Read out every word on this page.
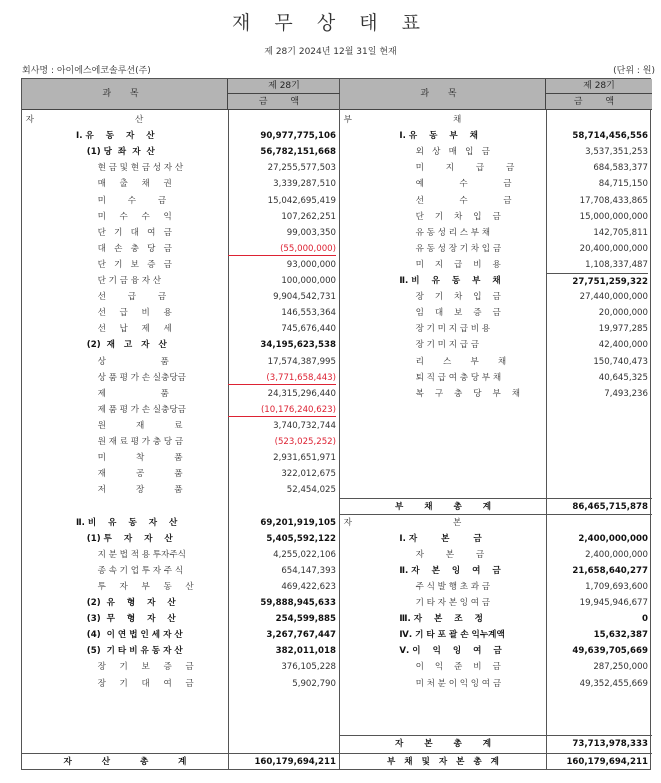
재 무 상 태 표
제 28기 2024년 12월 31일 현재
회사명 : 아이에스에코솔루션(주)	(단위 : 원)
과 목
제 28기
금 액
자                                     산
Ⅰ. 유    동    자    산	90,977,775,106
(1) 당  좌  자  산	56,782,151,668
현 금 및 현 금 성 자 산	27,255,577,503
매     출     채     권	3,339,287,510
미        수        금	15,042,695,419
미     수     수     익	107,262,251
단   기   대   여   금	99,003,350
대   손   충   당   금	(55,000,000)
단   기   보   증   금	93,000,000
단 기 금 융 자 산	100,000,000
선        급        금	9,904,542,731
선     급     비     용	146,553,364
선     납     제     세	745,676,440
(2)  재   고   자   산	34,195,623,538
상                    품	17,574,387,995
상 품 평 가 손 실충당금	(3,771,658,443)
제                    품	24,315,296,440
제 품 평 가 손 실충당금	(10,176,240,623)
원           재           료	3,740,732,744
원 재 료 평 가 충 당 금	(523,025,252)
미           착           품	2,931,651,971
재           공           품	322,012,675
저           장           품	52,454,025
Ⅱ. 비    유    동    자    산	69,201,919,105
(1) 투    자    자    산	5,405,592,122
지 분 법 적 용 투자주식	4,255,022,106
종 속 기 업 투 자 주 식	654,147,393
투     자     부     동     산	469,422,623
(2)  유    형    자    산	59,888,945,633
(3)  무    형    자    산	254,599,885
(4)  이 연 법 인 세 자 산	3,267,767,447
(5)  기 타 비 유 동 자 산	382,011,018
장     기     보     증     금	376,105,228
장     기     대     여     금	5,902,790
자          산          총          계	160,179,694,211
과 목
제 28기
금 액
부                                     채
Ⅰ. 유    동    부    채	58,714,456,556
외   상   매   입   금	3,537,351,253
미        지        급        금	684,583,377
예             수             금	84,715,150
선             수             금	17,708,433,865
단    기    차    입    금	15,000,000,000
유 동 성 리 스 부 채	142,705,811
유 동 성 장 기 차 입 금	20,400,000,000
미    지    급    비    용	1,108,337,487
Ⅱ. 비    유    동    부    채	27,751,259,322
장    기    차    입    금	27,440,000,000
임    대    보    증    금	20,000,000
장 기 미 지 급 비 용	19,977,285
장 기 미 지 급 금	42,400,000
리       스       부       채	150,740,473
퇴 직 급 여 충 당 부 채	40,645,325
복    구    충    당    부    채	7,493,236
부       채       총       계	86,465,715,878
자                                     본
Ⅰ. 자        본        금	2,400,000,000
자        본        금	2,400,000,000
Ⅱ. 자    본    잉    여    금	21,658,640,277
주 식 발 행 초 과 금	1,709,693,600
기 타 자 본 잉 여 금	19,945,946,677
Ⅲ. 자    본    조    정	0
Ⅳ. 기 타 포 괄 손 익누계액	15,632,387
Ⅴ. 이    익    잉    여    금	49,639,705,669
이    익    준    비    금	287,250,000
미 처 분 이 익 잉 여 금	49,352,455,669
자       본       총       계	73,713,978,333
부   채   및   자   본   총   계	160,179,694,211
